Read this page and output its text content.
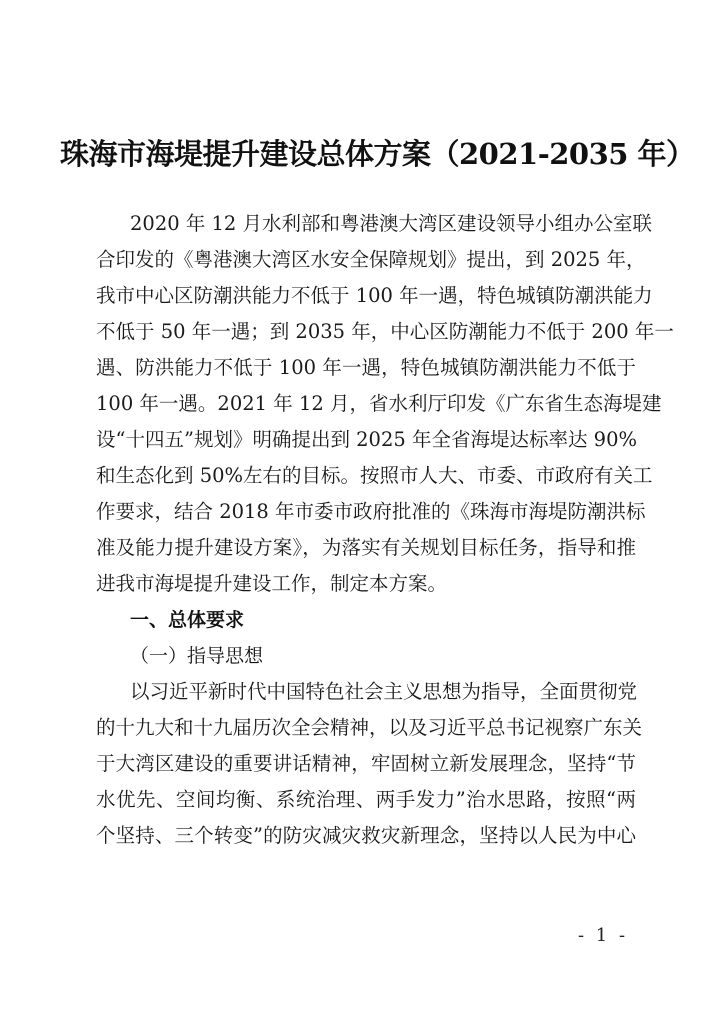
珠海市海堤提升建设总体方案（2021-2035 年）
2020 年 12 月水利部和粤港澳大湾区建设领导小组办公室联
合印发的《粤港澳大湾区水安全保障规划》提出，到 2025 年，
我市中心区防潮洪能力不低于 100 年一遇，特色城镇防潮洪能力
不低于 50 年一遇；到 2035 年，中心区防潮能力不低于 200 年一
遇、防洪能力不低于 100 年一遇，特色城镇防潮洪能力不低于
100 年一遇。2021 年 12 月，省水利厅印发《广东省生态海堤建
设“十四五”规划》明确提出到 2025 年全省海堤达标率达 90%
和生态化到 50%左右的目标。按照市人大、市委、市政府有关工
作要求，结合 2018 年市委市政府批准的《珠海市海堤防潮洪标
准及能力提升建设方案》，为落实有关规划目标任务，指导和推
进我市海堤提升建设工作，制定本方案。
一、总体要求
（一）指导思想
以习近平新时代中国特色社会主义思想为指导，全面贯彻党
的十九大和十九届历次全会精神，以及习近平总书记视察广东关
于大湾区建设的重要讲话精神，牢固树立新发展理念，坚持“节
水优先、空间均衡、系统治理、两手发力”治水思路，按照“两
个坚持、三个转变”的防灾减灾救灾新理念，坚持以人民为中心
- 1 -
